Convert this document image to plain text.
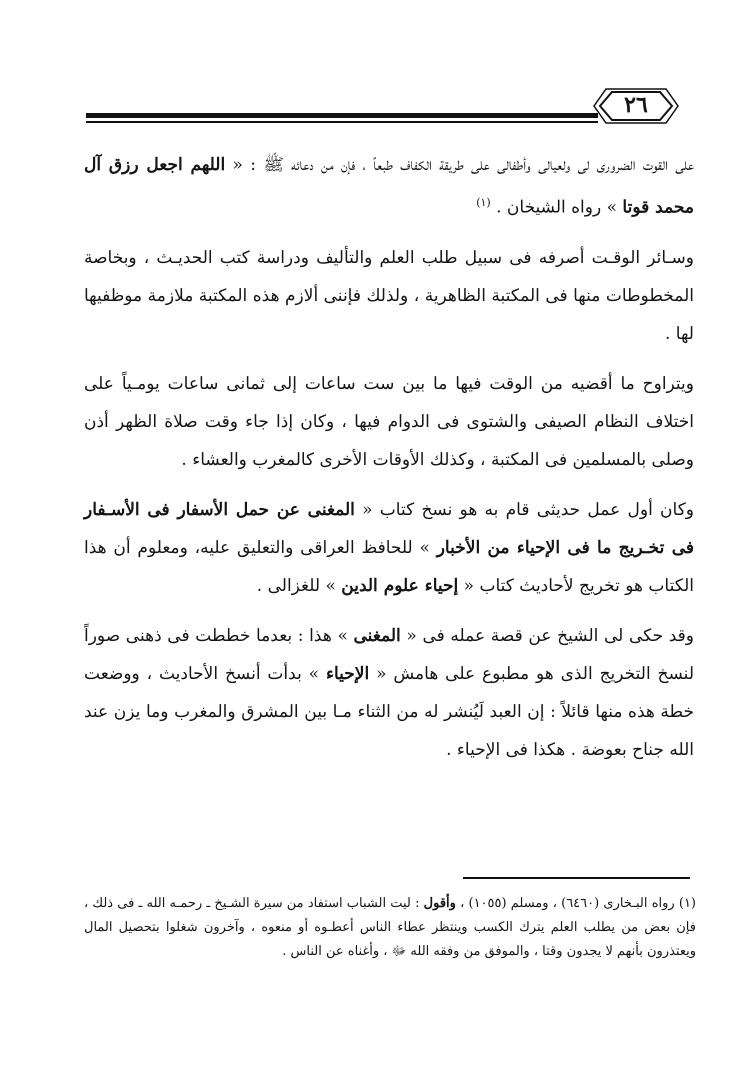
٢٦

على القوت الضرورى لى ولعيالى وأطفالى على طريقة الكفاف طبعاً ، فإن من دعائه ﷺ : « اللهم اجعل رزق آل محمد قوتا » رواه الشيخان . $^{(١)}$

وسـائر الوقـت أصرفه فى سبيل طلب العلم والتأليف ودراسة كتب الحديـث ، وبخاصة المخطوطات منها فى المكتبة الظاهرية ، ولذلك فإننى ألازم هذه المكتبة ملازمة موظفيها لها .

ويتراوح ما أقضيه من الوقت فيها ما بين ست ساعات إلى ثمانى ساعات يومـياً على اختلاف النظام الصيفى والشتوى فى الدوام فيها ، وكان إذا جاء وقت صلاة الظهر أذن وصلى بالمسلمين فى المكتبة ، وكذلك الأوقات الأخرى كالمغرب والعشاء .

وكان أول عمل حديثى قام به هو نسخ كتاب « المغنى عن حمل الأسفار فى الأسـفار فى تخـريج ما فى الإحياء من الأخبار » للحافظ العراقى والتعليق عليه، ومعلوم أن هذا الكتاب هو تخريج لأحاديث كتاب « إحياء علوم الدين » للغزالى .

وقد حكى لى الشيخ عن قصة عمله فى « المغنى » هذا : بعدما خططت فى ذهنى صوراً لنسخ التخريج الذى هو مطبوع على هامش « الإحياء » بدأت أنسخ الأحاديث ، ووضعت خطة هذه منها قائلاً : إن العبد لَيُنشر له من الثناء مـا بين المشرق والمغرب وما يزن عند الله جناح بعوضة . هكذا فى الإحياء .

(١) رواه البـخارى (٦٤٦٠) ، ومسلم (١٠٥٥) ، وأقول : ليت الشباب استفاد من سيرة الشـيخ ـ رحمـه الله ـ فى ذلك ، فإن بعض من يطلب العلم يترك الكسب وينتظر عطاء الناس أعطـوه أو منعوه ، وآخرون شغلوا بتحصيل المال ويعتذرون بأنهم لا يجدون وقتا ، والموفق من وفقه الله ﷻ ، وأغناه عن الناس .
